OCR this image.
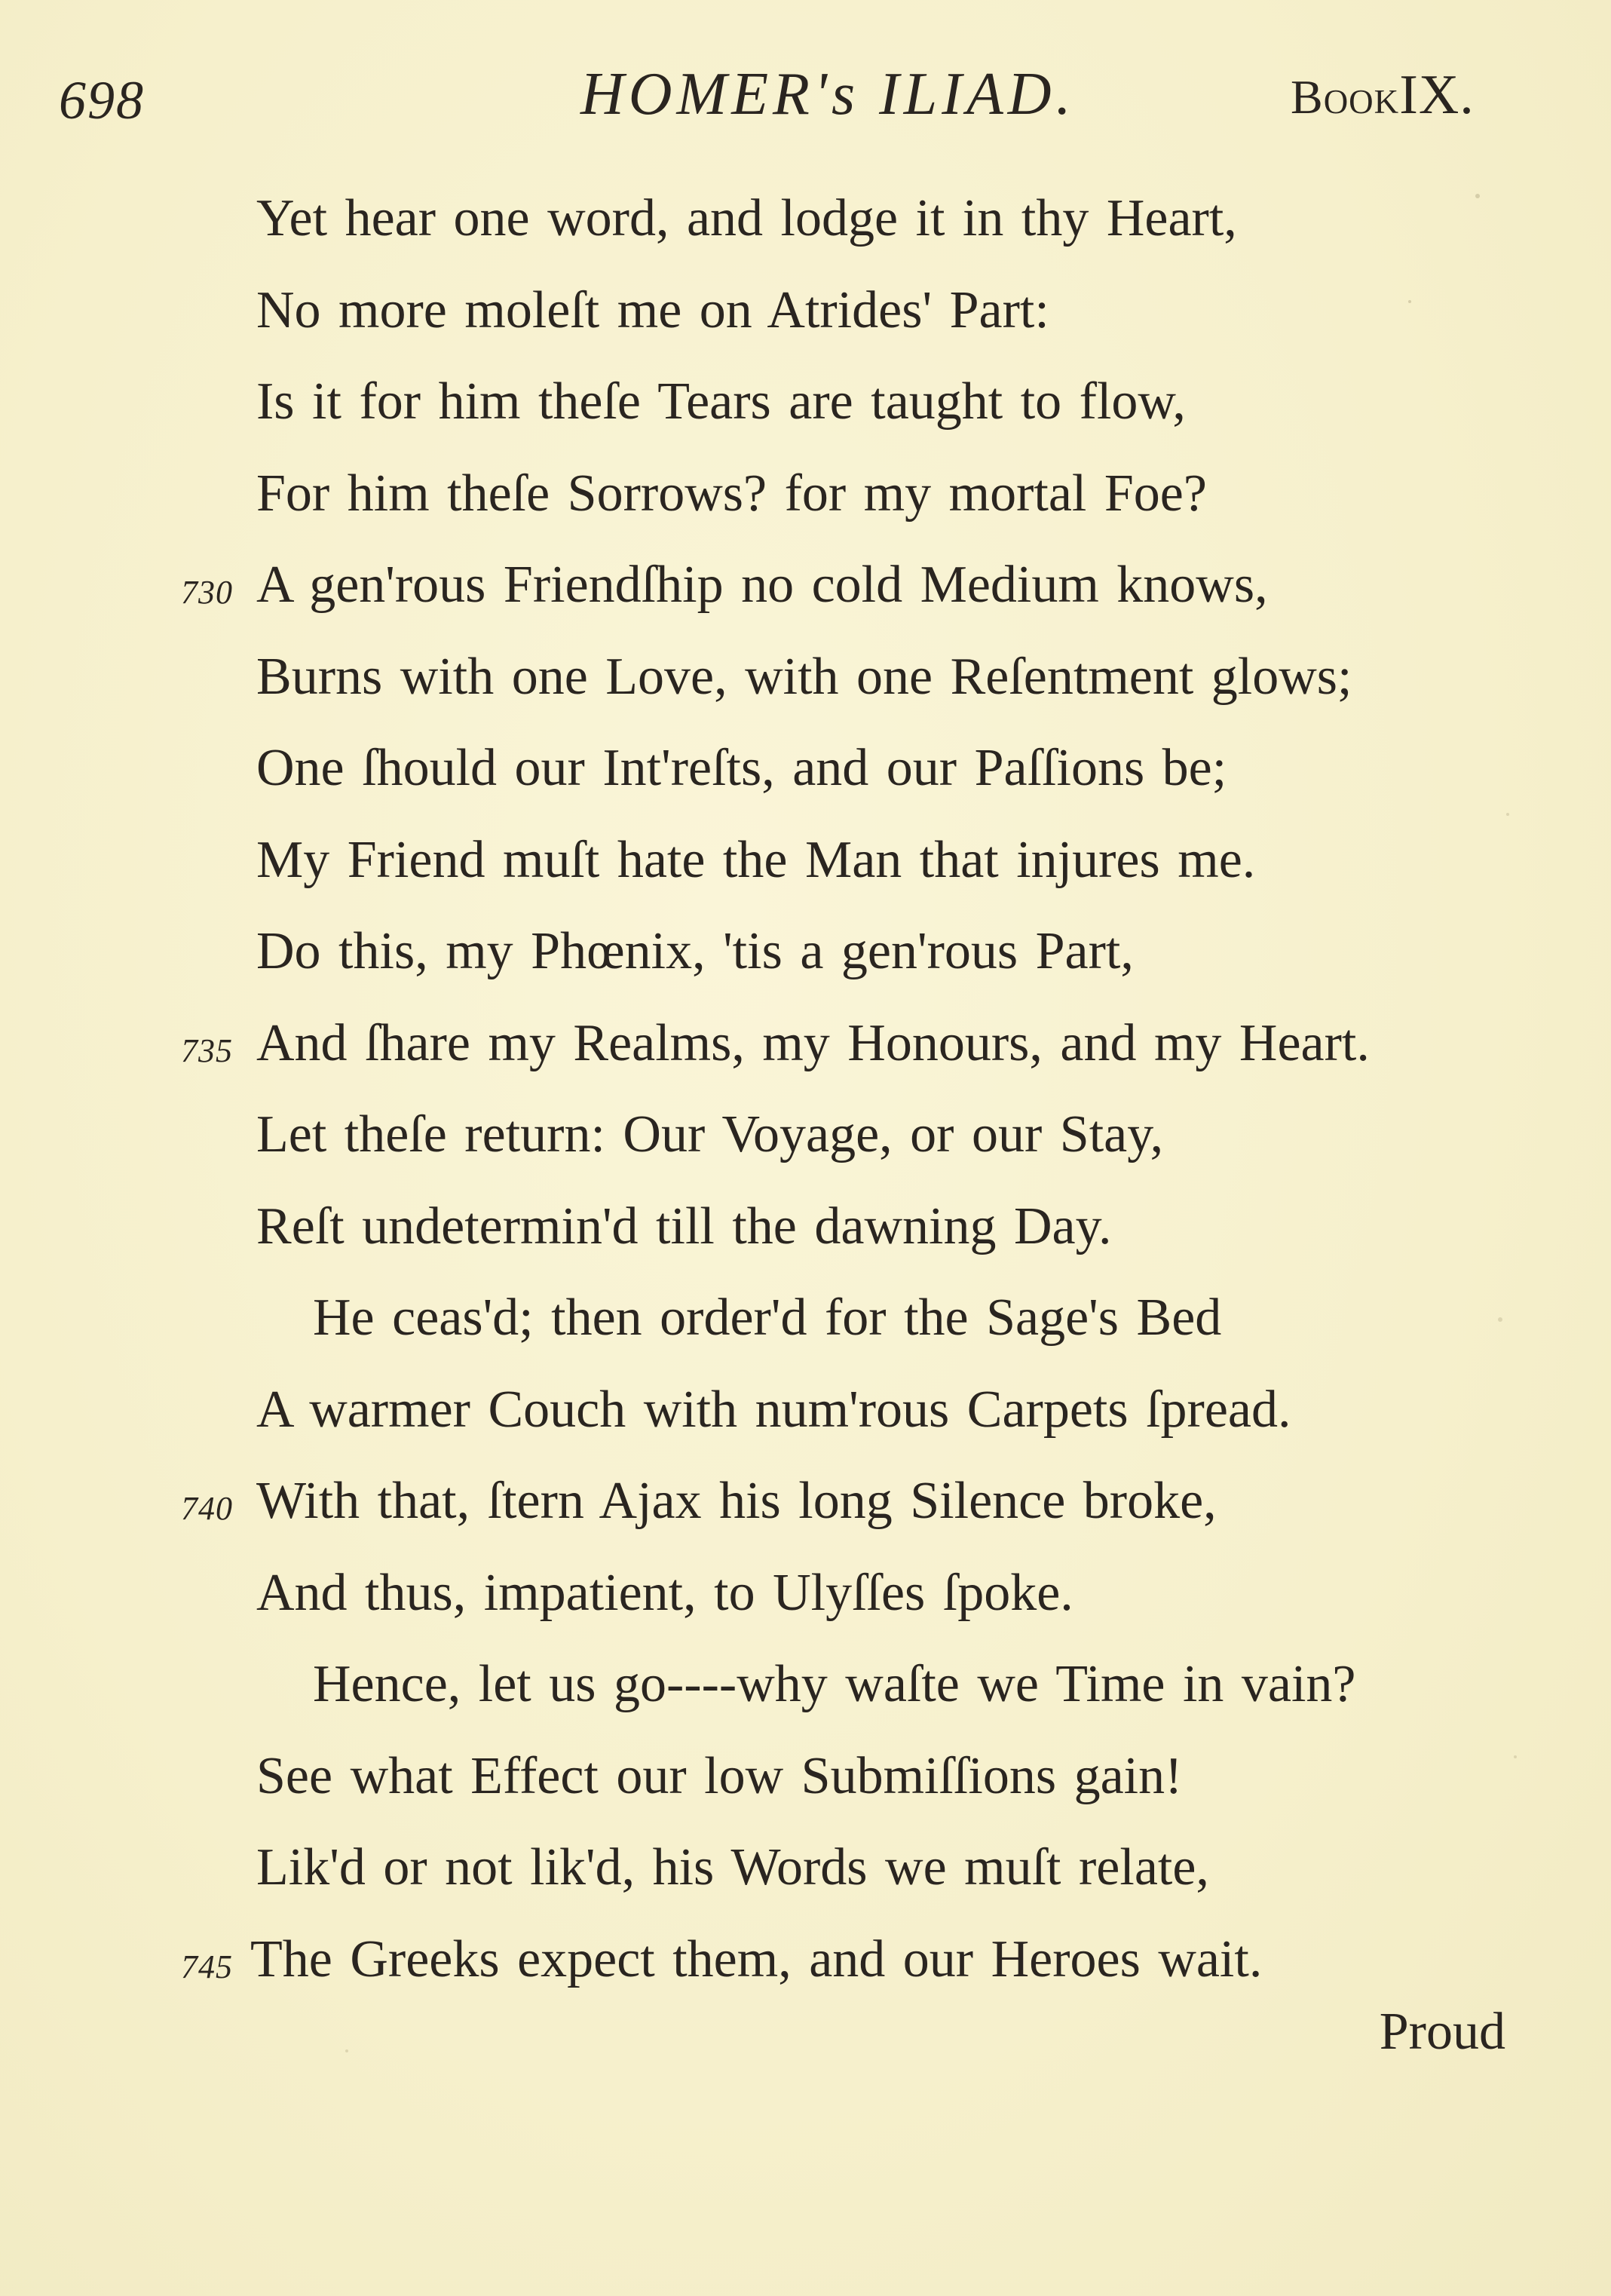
698	HOMER's ILIAD.	BookIX.
Yet hear one word, and lodge it in thy Heart,
No more moleſt me on Atrides' Part:
Is it for him theſe Tears are taught to flow,
For him theſe Sorrows? for my mortal Foe?
730 A gen'rous Friendſhip no cold Medium knows,
Burns with one Love, with one Reſentment glows;
One ſhould our Int'reſts, and our Paſſions be;
My Friend muſt hate the Man that injures me.
Do this, my Phœnix, 'tis a gen'rous Part,
735 And ſhare my Realms, my Honours, and my Heart.
Let theſe return: Our Voyage, or our Stay,
Reſt undetermin'd till the dawning Day.
He ceas'd; then order'd for the Sage's Bed
A warmer Couch with num'rous Carpets ſpread.
740 With that, ſtern Ajax his long Silence broke,
And thus, impatient, to Ulyſſes ſpoke.
Hence, let us go----why waſte we Time in vain?
See what Effect our low Submiſſions gain!
Lik'd or not lik'd, his Words we muſt relate,
745 The Greeks expect them, and our Heroes wait.
Proud
